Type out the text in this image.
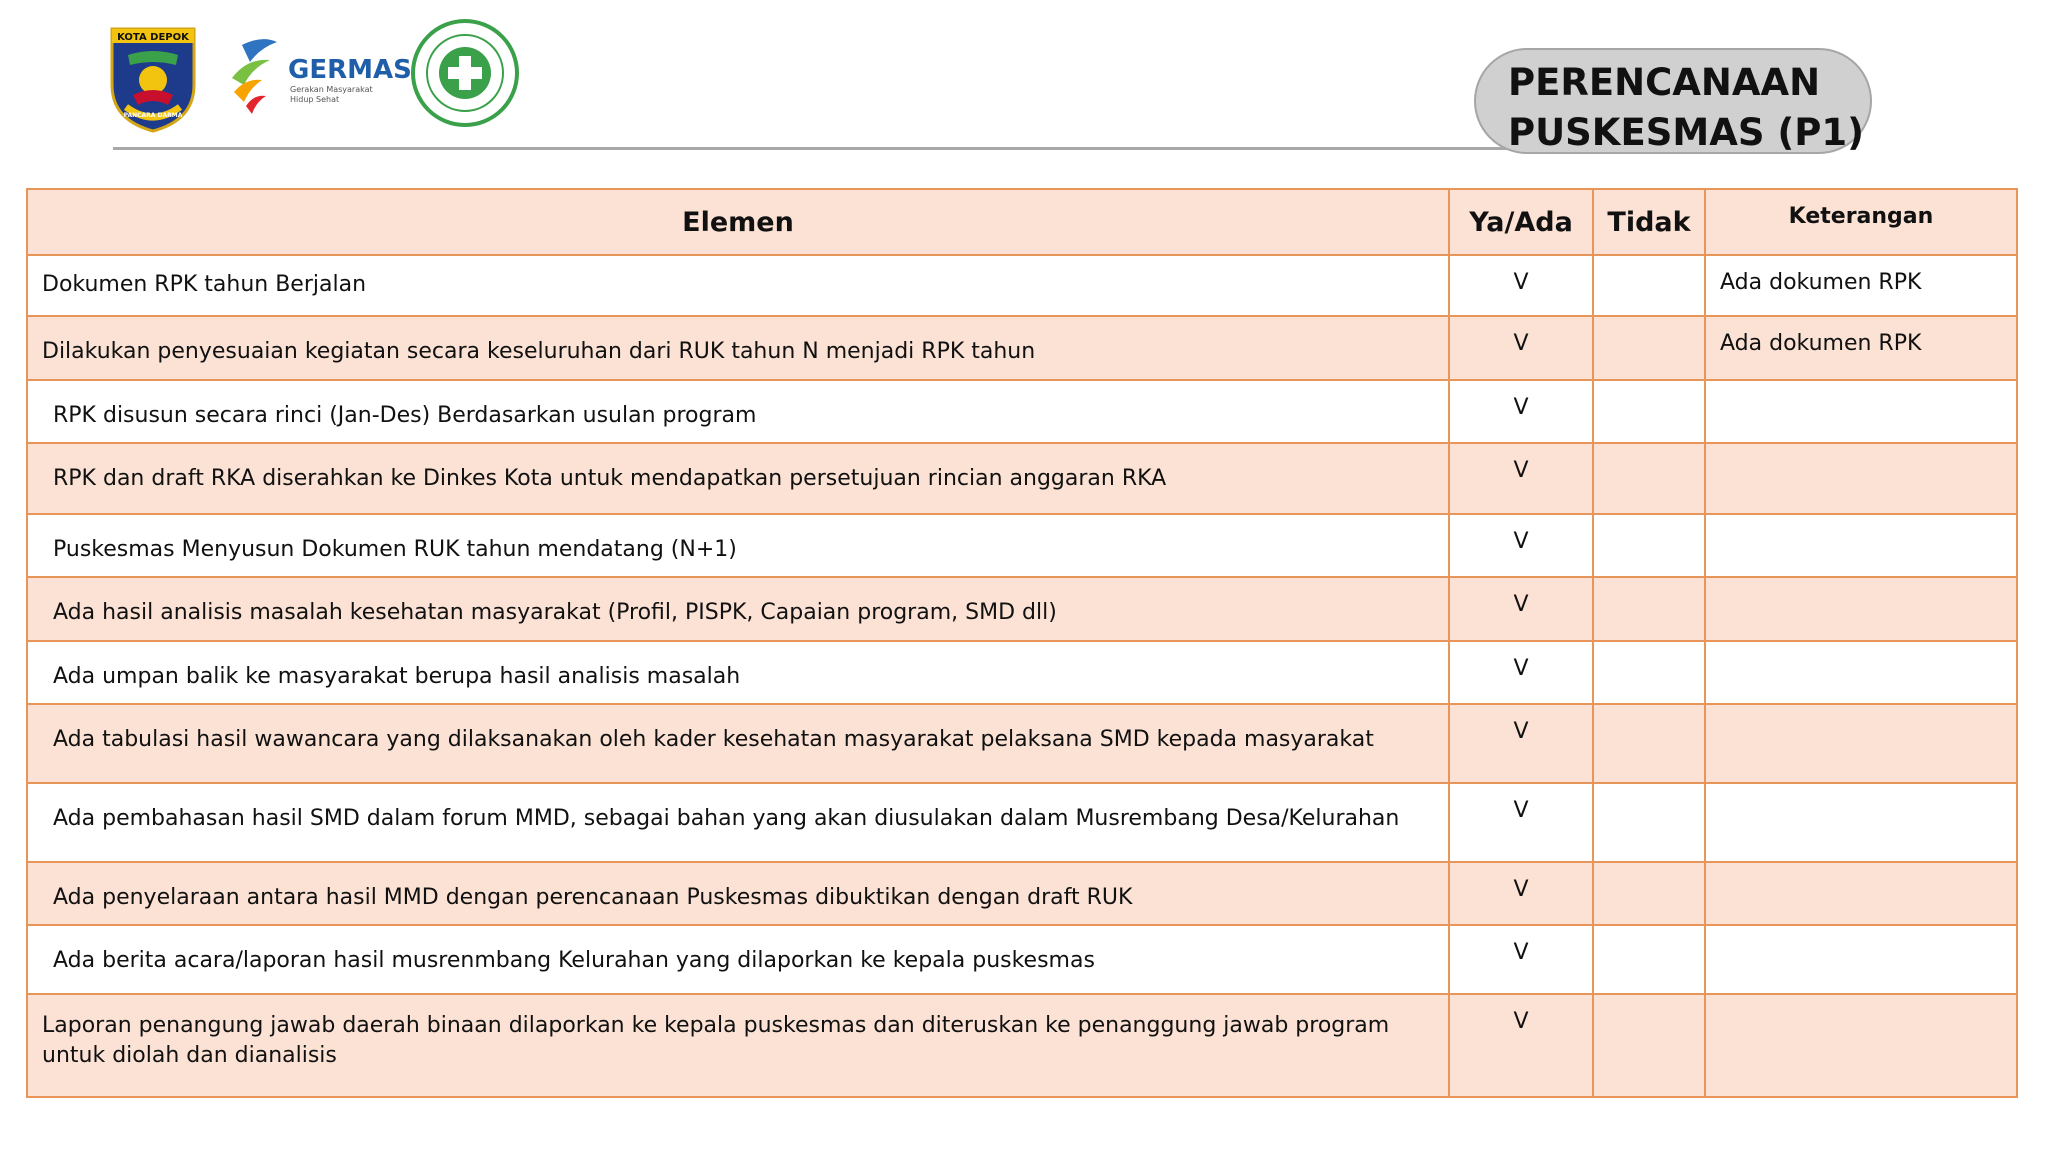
KOTA DEPOK
PANCARA DARMA
GERMAS
Gerakan Masyarakat
Hidup Sehat	PERENCANAAN
PUSKESMAS (P1)
Elemen	Ya/Ada	Tidak	Keterangan
Dokumen RPK tahun Berjalan	V		Ada dokumen RPK
Dilakukan penyesuaian kegiatan secara keseluruhan dari RUK tahun N menjadi RPK tahun	V		Ada dokumen RPK
RPK disusun secara rinci (Jan-Des) Berdasarkan usulan program	V		
RPK dan draft RKA diserahkan ke Dinkes Kota untuk mendapatkan persetujuan rincian anggaran RKA	V		
Puskesmas Menyusun Dokumen RUK tahun mendatang (N+1)	V		
Ada hasil analisis masalah kesehatan masyarakat (Profil, PISPK, Capaian program, SMD dll)	V		
Ada umpan balik ke masyarakat berupa hasil analisis masalah	V		
Ada tabulasi hasil wawancara yang dilaksanakan oleh kader kesehatan masyarakat pelaksana SMD kepada masyarakat	V		
Ada pembahasan hasil SMD dalam forum MMD, sebagai bahan yang akan diusulakan dalam Musrembang Desa/Kelurahan	V		
Ada penyelaraan antara hasil MMD dengan perencanaan Puskesmas dibuktikan dengan draft RUK	V		
Ada berita acara/laporan hasil musrenmbang Kelurahan yang dilaporkan ke kepala puskesmas	V		
Laporan penangung jawab daerah binaan dilaporkan ke kepala puskesmas dan diteruskan ke penanggung jawab program untuk diolah dan dianalisis	V		
